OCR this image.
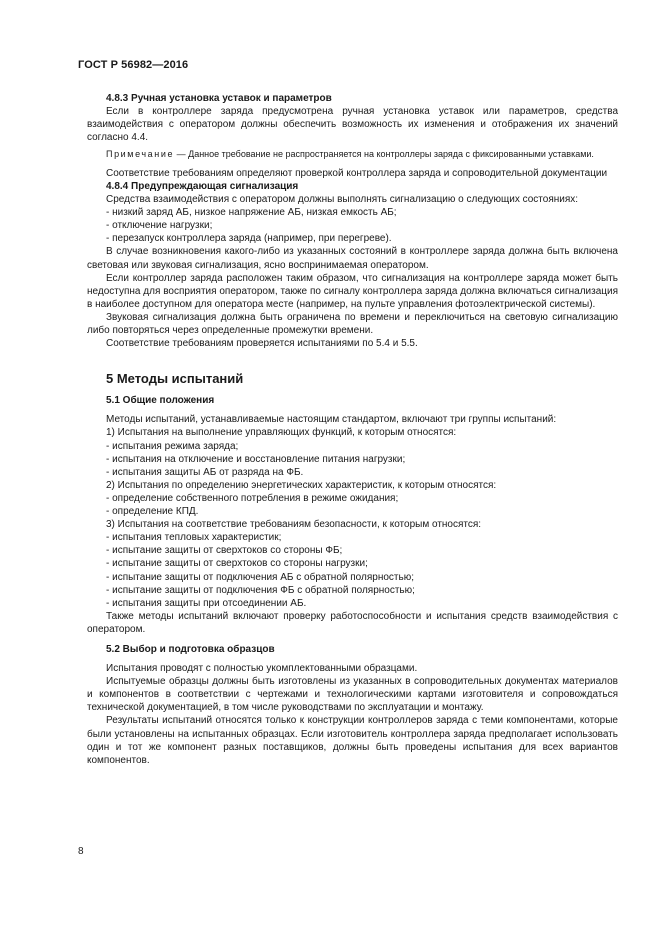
ГОСТ Р 56982—2016

4.8.3 Ручная установка уставок и параметров

Если в контроллере заряда предусмотрена ручная установка уставок или параметров, средства взаимодействия с оператором должны обеспечить возможность их изменения и отображения их значений согласно 4.4.

Примечание — Данное требование не распространяется на контроллеры заряда с фиксированными уставками.

Соответствие требованиям определяют проверкой контроллера заряда и сопроводительной документации

4.8.4 Предупреждающая сигнализация

Средства взаимодействия с оператором должны выполнять сигнализацию о следующих состояниях:

- низкий заряд АБ, низкое напряжение АБ, низкая емкость АБ;

- отключение нагрузки;

- перезапуск контроллера заряда (например, при перегреве).

В случае возникновения какого-либо из указанных состояний в контроллере заряда должна быть включена световая или звуковая сигнализация, ясно воспринимаемая оператором.

Если контроллер заряда расположен таким образом, что сигнализация на контроллере заряда может быть недоступна для восприятия оператором, также по сигналу контроллера заряда должна включаться сигнализация в наиболее доступном для оператора месте (например, на пульте управления фотоэлектрической системы).

Звуковая сигнализация должна быть ограничена по времени и переключиться на световую сигнализацию либо повторяться через определенные промежутки времени.

Соответствие требованиям проверяется испытаниями по 5.4 и 5.5.

5 Методы испытаний

5.1 Общие положения

Методы испытаний, устанавливаемые настоящим стандартом, включают три группы испытаний:

1) Испытания на выполнение управляющих функций, к которым относятся:

- испытания режима заряда;

- испытания на отключение и восстановление питания нагрузки;

- испытания защиты АБ от разряда на ФБ.

2) Испытания по определению энергетических характеристик, к которым относятся:

- определение собственного потребления в режиме ожидания;

- определение КПД.

3) Испытания на соответствие требованиям безопасности, к которым относятся:

- испытания тепловых характеристик;

- испытание защиты от сверхтоков со стороны ФБ;

- испытание защиты от сверхтоков со стороны нагрузки;

- испытание защиты от подключения АБ с обратной полярностью;

- испытание защиты от подключения ФБ с обратной полярностью;

- испытания защиты при отсоединении АБ.

Также методы испытаний включают проверку работоспособности и испытания средств взаимодействия с оператором.

5.2 Выбор и подготовка образцов

Испытания проводят с полностью укомплектованными образцами.

Испытуемые образцы должны быть изготовлены из указанных в сопроводительных документах материалов и компонентов в соответствии с чертежами и технологическими картами изготовителя и сопровождаться технической документацией, в том числе руководствами по эксплуатации и монтажу.

Результаты испытаний относятся только к конструкции контроллеров заряда с теми компонентами, которые были установлены на испытанных образцах. Если изготовитель контроллера заряда предполагает использовать один и тот же компонент разных поставщиков, должны быть проведены испытания для всех вариантов компонентов.

8
